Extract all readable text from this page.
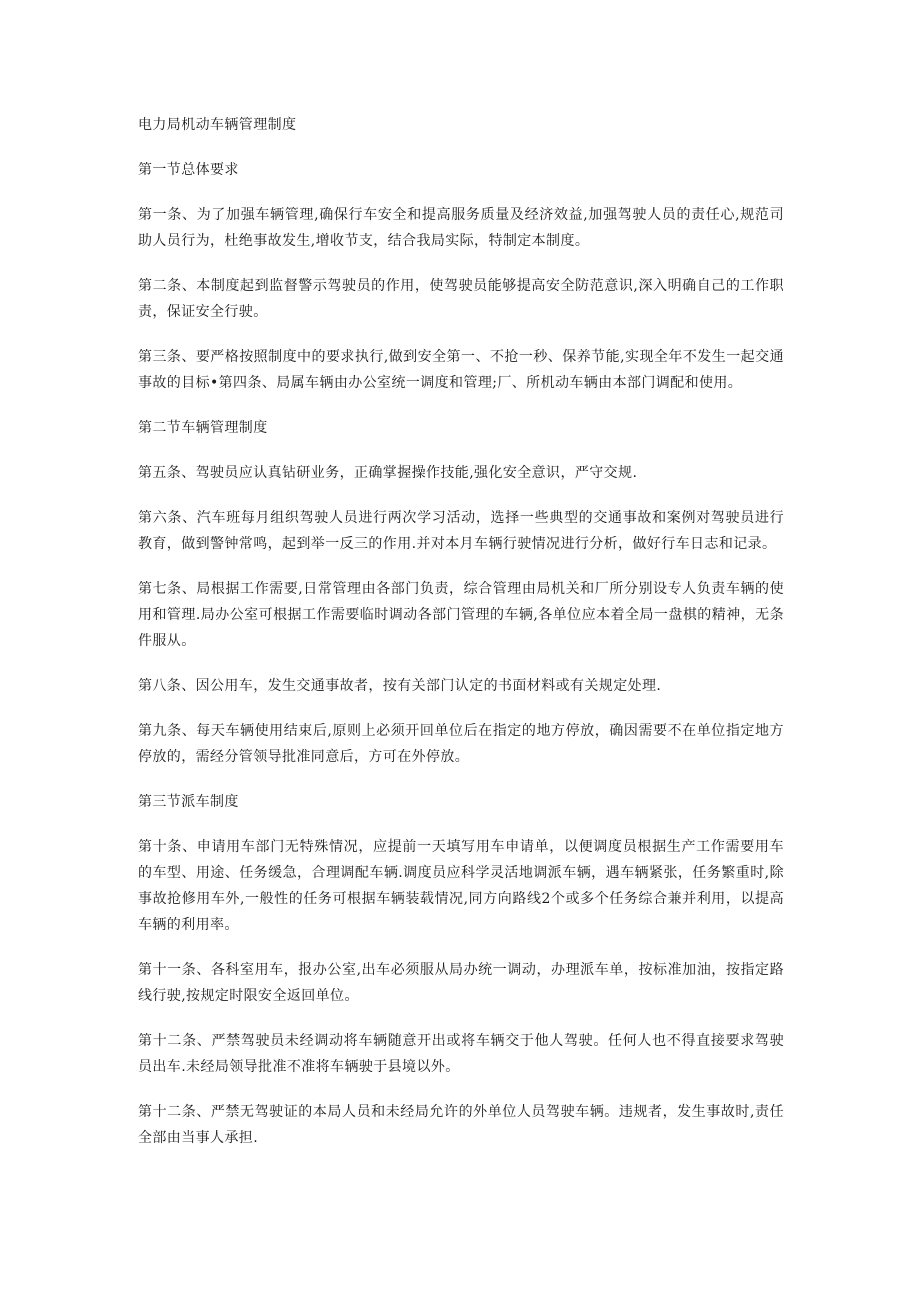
电力局机动车辆管理制度

第一节总体要求

第一条、为了加强车辆管理,确保行车安全和提高服务质量及经济效益,加强驾驶人员的责任心,规范司助人员行为，杜绝事故发生,增收节支，结合我局实际，特制定本制度。

第二条、本制度起到监督警示驾驶员的作用，使驾驶员能够提高安全防范意识,深入明确自己的工作职责，保证安全行驶。

第三条、要严格按照制度中的要求执行,做到安全第一、不抢一秒、保养节能,实现全年不发生一起交通事故的目标•第四条、局属车辆由办公室统一调度和管理;厂、所机动车辆由本部门调配和使用。

第二节车辆管理制度

第五条、驾驶员应认真钻研业务，正确掌握操作技能,强化安全意识，严守交规.

第六条、汽车班每月组织驾驶人员进行两次学习活动，选择一些典型的交通事故和案例对驾驶员进行教育，做到警钟常鸣，起到举一反三的作用.并对本月车辆行驶情况进行分析，做好行车日志和记录。

第七条、局根据工作需要,日常管理由各部门负责，综合管理由局机关和厂所分别设专人负责车辆的使用和管理.局办公室可根据工作需要临时调动各部门管理的车辆,各单位应本着全局一盘棋的精神，无条件服从。

第八条、因公用车，发生交通事故者，按有关部门认定的书面材料或有关规定处理.

第九条、每天车辆使用结束后,原则上必须开回单位后在指定的地方停放，确因需要不在单位指定地方停放的，需经分管领导批准同意后，方可在外停放。

第三节派车制度

第十条、申请用车部门无特殊情况，应提前一天填写用车申请单，以便调度员根据生产工作需要用车的车型、用途、任务缓急，合理调配车辆.调度员应科学灵活地调派车辆，遇车辆紧张，任务繁重时,除事故抢修用车外,一般性的任务可根据车辆装载情况,同方向路线2个或多个任务综合兼并利用，以提高车辆的利用率。

第十一条、各科室用车，报办公室,出车必须服从局办统一调动，办理派车单，按标准加油，按指定路线行驶,按规定时限安全返回单位。

第十二条、严禁驾驶员未经调动将车辆随意开出或将车辆交于他人驾驶。任何人也不得直接要求驾驶员出车.未经局领导批准不准将车辆驶于县境以外。

第十二条、严禁无驾驶证的本局人员和未经局允许的外单位人员驾驶车辆。违规者，发生事故时,责任全部由当事人承担.
